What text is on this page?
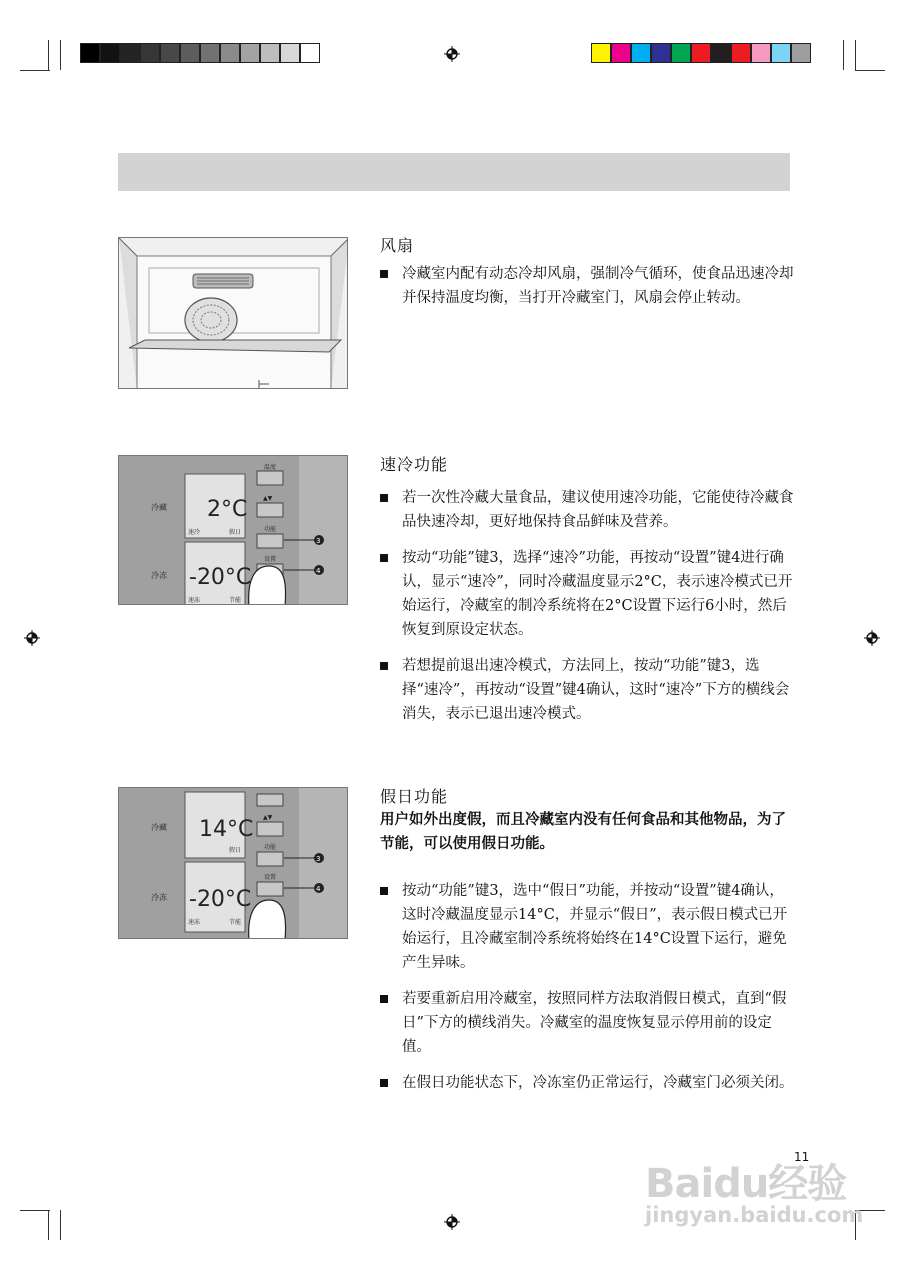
风扇
冷藏室内配有动态冷却风扇，强制冷气循环，使食品迅速冷却并保持温度均衡，当打开冷藏室门，风扇会停止转动。
冷藏
冷冻
2°C
-20°C
速冷	假日
速冻	节能
温度
▲▼
功能
设置
3
4
速冷功能
若一次性冷藏大量食品，建议使用速冷功能，它能使待冷藏食品快速冷却，更好地保持食品鲜味及营养。
按动“功能”键3，选择“速冷”功能，再按动“设置”键4进行确认，显示“速冷”，同时冷藏温度显示2°C，表示速冷模式已开始运行，冷藏室的制冷系统将在2°C设置下运行6小时，然后恢复到原设定状态。
若想提前退出速冷模式，方法同上，按动“功能”键3，选择“速冷”，再按动“设置”键4确认，这时“速冷”下方的横线会消失，表示已退出速冷模式。
冷藏
冷冻
14°C
-20°C
假日
速冻	节能
▲▼
功能
设置
3
4
假日功能
用户如外出度假，而且冷藏室内没有任何食品和其他物品，为了节能，可以使用假日功能。
按动“功能”键3，选中“假日”功能，并按动“设置”键4确认，这时冷藏温度显示14°C，并显示“假日”，表示假日模式已开始运行，且冷藏室制冷系统将始终在14°C设置下运行，避免产生异味。
若要重新启用冷藏室，按照同样方法取消假日模式，直到“假日”下方的横线消失。冷藏室的温度恢复显示停用前的设定值。
在假日功能状态下，冷冻室仍正常运行，冷藏室门必须关闭。
11
Baidu经验
jingyan.baidu.com
